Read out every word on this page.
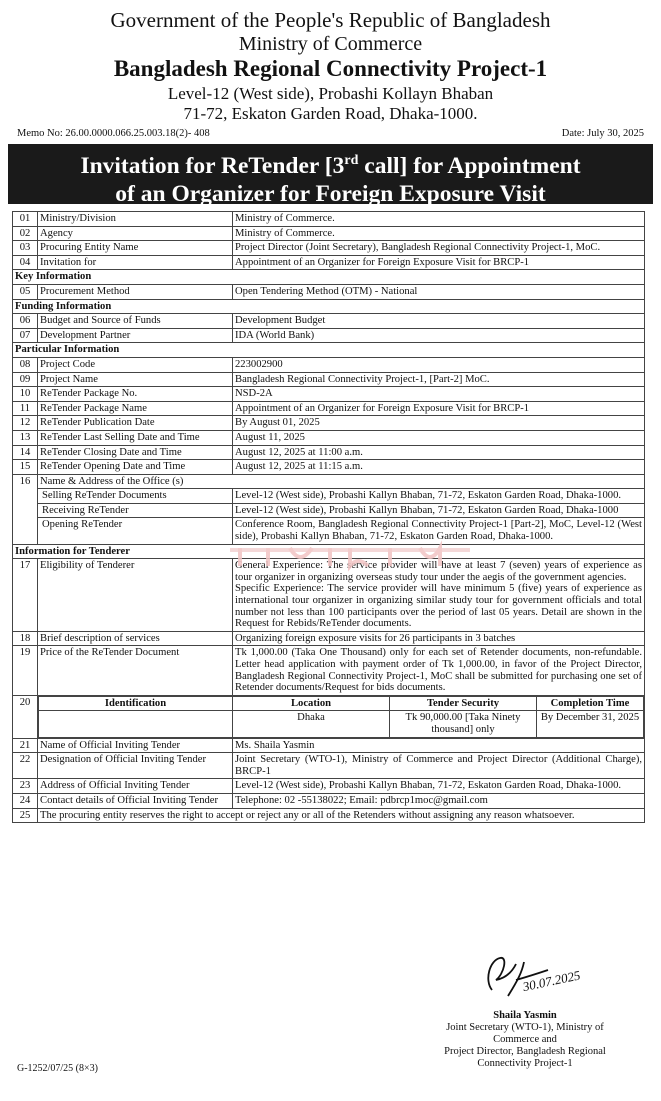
Government of the People's Republic of Bangladesh
Ministry of Commerce
Bangladesh Regional Connectivity Project-1
Level-12 (West side), Probashi Kollayn Bhaban
71-72, Eskaton Garden Road, Dhaka-1000.
Memo No: 26.00.0000.066.25.003.18(2)- 408	Date: July 30, 2025
Invitation for ReTender [3rd call] for Appointment
of an Organizer for Foreign Exposure Visit
01	Ministry/Division	Ministry of Commerce.
02	Agency	Ministry of Commerce.
03	Procuring Entity Name	Project Director (Joint Secretary), Bangladesh Regional Connectivity Project-1, MoC.
04	Invitation for	Appointment of an Organizer for Foreign Exposure Visit for BRCP-1
Key Information
05	Procurement Method	Open Tendering Method (OTM) - National
Funding Information
06	Budget and Source of Funds	Development Budget
07	Development Partner	IDA (World Bank)
Particular Information
08	Project Code	223002900
09	Project Name	Bangladesh Regional Connectivity Project-1, [Part-2] MoC.
10	ReTender Package No.	NSD-2A
11	ReTender Package Name	Appointment of an Organizer for Foreign Exposure Visit for BRCP-1
12	ReTender Publication Date	By August 01, 2025
13	ReTender Last Selling Date and Time	August 11, 2025
14	ReTender Closing Date and Time	August 12, 2025 at 11:00 a.m.
15	ReTender Opening Date and Time	August 12, 2025 at 11:15 a.m.
16	Name & Address of the Office (s)
Selling ReTender Documents	Level-12 (West side), Probashi Kallyn Bhaban, 71-72, Eskaton Garden Road, Dhaka-1000.
Receiving ReTender	Level-12 (West side), Probashi Kallyn Bhaban, 71-72, Eskaton Garden Road, Dhaka-1000
Opening ReTender	Conference Room, Bangladesh Regional Connectivity Project-1 [Part-2], MoC, Level-12 (West side), Probashi Kallyn Bhaban, 71-72, Eskaton Garden Road, Dhaka-1000.
Information for Tenderer
17	Eligibility of Tenderer	General Experience: The service provider will have at least 7 (seven) years of experience as tour organizer in organizing overseas study tour under the aegis of the government agencies.
Specific Experience: The service provider will have minimum 5 (five) years of experience as international tour organizer in organizing similar study tour for government officials and total number not less than 100 participants over the period of last 05 years. Detail are shown in the Request for Rebids/ReTender documents.

18	Brief description of services	Organizing foreign exposure visits for 26 participants in 3 batches
19	Price of the ReTender Document	Tk 1,000.00 (Taka One Thousand) only for each set of Retender documents, non-refundable. Letter head application with payment order of Tk 1,000.00, in favor of the Project Director, Bangladesh Regional Connectivity Project-1, MoC shall be submitted for purchasing one set of Retender documents/Request for bids documents.
20		Identification	Location	Tender Security	Completion Time
	Dhaka	Tk 90,000.00 [Taka Ninety thousand] only	By December 31, 2025

21	Name of Official Inviting Tender	Ms. Shaila Yasmin
22	Designation of Official Inviting Tender	Joint Secretary (WTO-1), Ministry of Commerce and Project Director (Additional Charge), BRCP-1
23	Address of Official Inviting Tender	Level-12 (West side), Probashi Kallyn Bhaban, 71-72, Eskaton Garden Road, Dhaka-1000.
24	Contact details of Official Inviting Tender	Telephone: 02 -55138022; Email: pdbrcp1moc@gmail.com
25	The procuring entity reserves the right to accept or reject any or all of the Retenders without assigning any reason whatsoever.
30.07.2025
Shaila Yasmin
Joint Secretary (WTO-1), Ministry of
Commerce and
Project Director, Bangladesh Regional
Connectivity Project-1
G-1252/07/25 (8×3)
